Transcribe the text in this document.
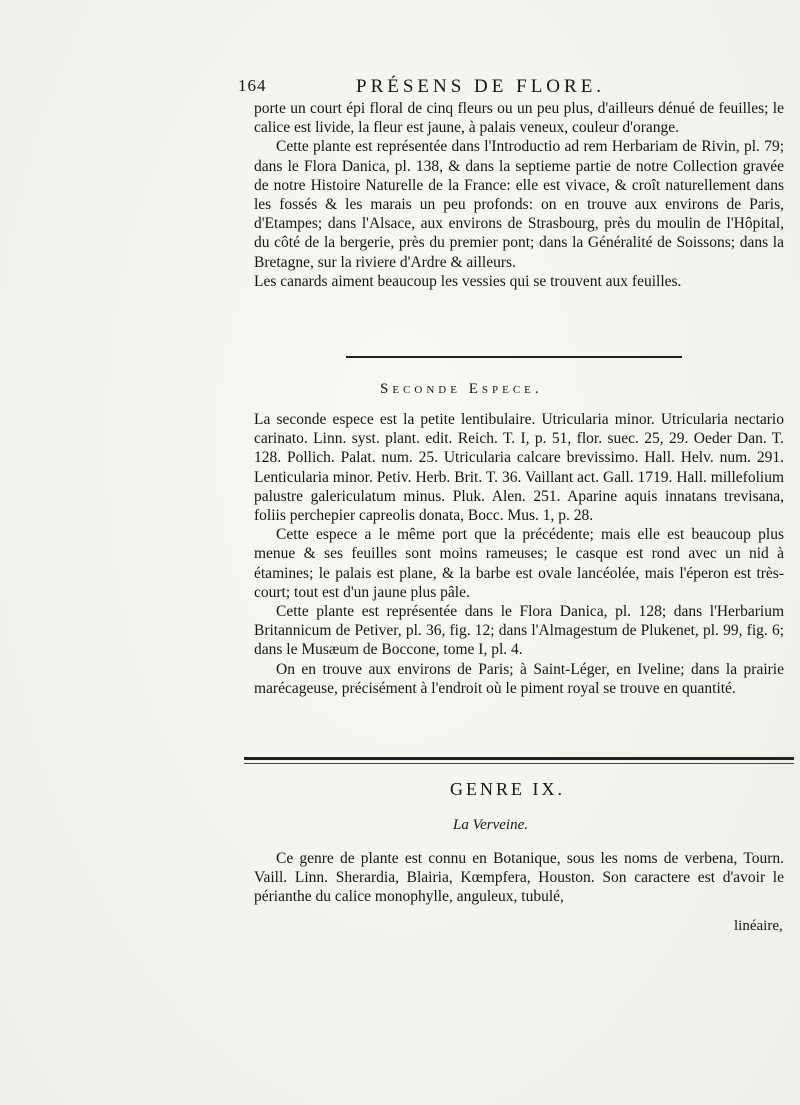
164	PRÉSENS DE FLORE.

porte un court épi floral de cinq fleurs ou un peu plus, d'ailleurs dénué de feuilles; le calice est livide, la fleur est jaune, à palais veneux, couleur d'orange.

Cette plante est représentée dans l'Introductio ad rem Herbariam de Rivin, pl. 79; dans le Flora Danica, pl. 138, & dans la septieme partie de notre Collection gravée de notre Histoire Naturelle de la France: elle est vivace, & croît naturellement dans les fossés & les marais un peu profonds: on en trouve aux environs de Paris, d'Etampes; dans l'Alsace, aux environs de Strasbourg, près du moulin de l'Hôpital, du côté de la bergerie, près du premier pont; dans la Généralité de Soissons; dans la Bretagne, sur la riviere d'Ardre & ailleurs.

Les canards aiment beaucoup les vessies qui se trouvent aux feuilles.

Seconde Espece.

La seconde espece est la petite lentibulaire. Utricularia minor. Utricularia nectario carinato. Linn. syst. plant. edit. Reich. T. I, p. 51, flor. suec. 25, 29. Oeder Dan. T. 128. Pollich. Palat. num. 25. Utricularia calcare brevissimo. Hall. Helv. num. 291. Lenticularia minor. Petiv. Herb. Brit. T. 36. Vaillant act. Gall. 1719. Hall. millefolium palustre galericulatum minus. Pluk. Alen. 251. Aparine aquis innatans trevisana, foliis perchepier capreolis donata, Bocc. Mus. 1, p. 28.

Cette espece a le même port que la précédente; mais elle est beaucoup plus menue & ses feuilles sont moins rameuses; le casque est rond avec un nid à étamines; le palais est plane, & la barbe est ovale lancéolée, mais l'éperon est très-court; tout est d'un jaune plus pâle.

Cette plante est représentée dans le Flora Danica, pl. 128; dans l'Herbarium Britannicum de Petiver, pl. 36, fig. 12; dans l'Almagestum de Plukenet, pl. 99, fig. 6; dans le Musæum de Boccone, tome I, pl. 4.

On en trouve aux environs de Paris; à Saint-Léger, en Iveline; dans la prairie marécageuse, précisément à l'endroit où le piment royal se trouve en quantité.

GENRE IX.
La Verveine.

Ce genre de plante est connu en Botanique, sous les noms de verbena, Tourn. Vaill. Linn. Sherardia, Blairia, Kœmpfera, Houston. Son caractere est d'avoir le périanthe du calice monophylle, anguleux, tubulé,

linéaire,
